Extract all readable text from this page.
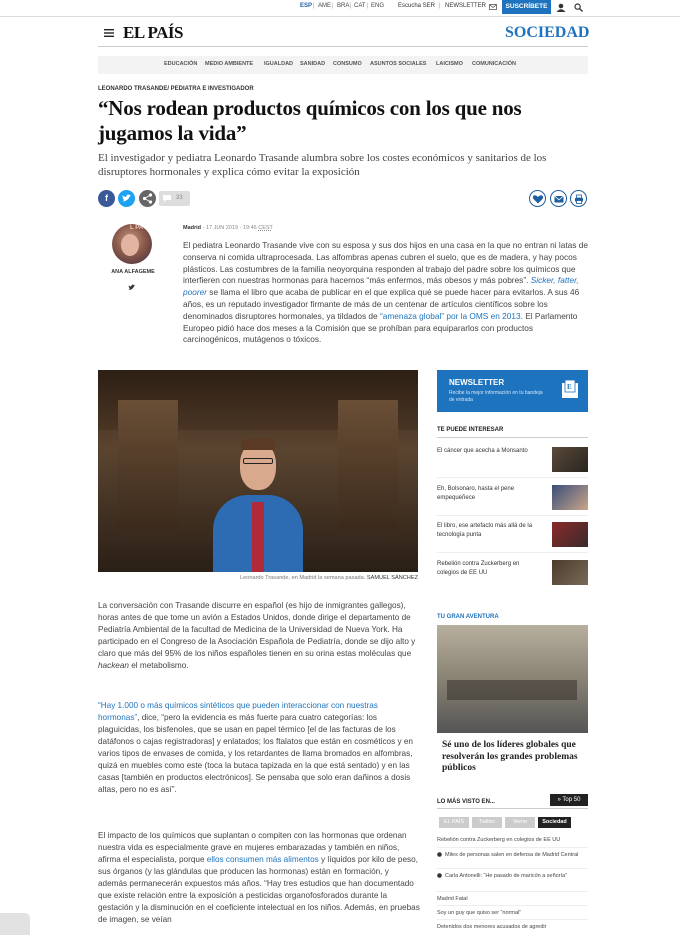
ESP | AME | BRA | CAT | ENG Escucha SER | NEWSLETTER	SUSCRÍBETE
EL PAÍS	SOCIEDAD
EDUCACIÓN MEDIO AMBIENTE IGUALDAD SANIDAD CONSUMO ASUNTOS SOCIALES LAICISMO COMUNICACIÓN
LEONARDO TRASANDE/ PEDIATRA E INVESTIGADOR
“Nos rodean productos químicos con los que nos jugamos la vida”

El investigador y pediatra Leonardo Trasande alumbra sobre los costes económicos y sanitarios de los disruptores hormonales y explica cómo evitar la exposición

f	33
L PA
ANA ALFAGEME
Madrid - 17 JUN 2019 - 19:46 CEST

El pediatra Leonardo Trasande vive con su esposa y sus dos hijos en una casa en la que no entran ni latas de conserva ni comida ultraprocesada. Las alfombras apenas cubren el suelo, que es de madera, y hay pocos plásticos. Las costumbres de la familia neoyorquina responden al trabajo del padre sobre los químicos que interfieren con nuestras hormonas para hacernos “más enfermos, más obesos y más pobres”. Sicker, fatter, poorer se llama el libro que acaba de publicar en el que explica qué se puede hacer para evitarlos. A sus 46 años, es un reputado investigador firmante de más de un centenar de artículos científicos sobre los denominados disruptores hormonales, ya tildados de “amenaza global” por la OMS en 2013. El Parlamento Europeo pidió hace dos meses a la Comisión que se prohíban para equipararlos con productos carcinogénicos, mutágenos o tóxicos.

Leonardo Trasande, en Madrid la semana pasada. SAMUEL SÁNCHEZ

La conversación con Trasande discurre en español (es hijo de inmigrantes gallegos), horas antes de que tome un avión a Estados Unidos, donde dirige el departamento de Pediatría Ambiental de la facultad de Medicina de la Universidad de Nueva York. Ha participado en el Congreso de la Asociación Española de Pediatría, donde se dijo alto y claro que más del 95% de los niños españoles tienen en su orina estas moléculas que hackean el metabolismo.

“Hay 1.000 o más químicos sintéticos que pueden interaccionar con nuestras hormonas”, dice, “pero la evidencia es más fuerte para cuatro categorías: los plaguicidas, los bisfenoles, que se usan en papel térmico [el de las facturas de los datáfonos o cajas registradoras] y enlatados; los ftalatos que están en cosméticos y en varios tipos de envases de comida, y los retardantes de llama bromados en alfombras, quizá en muebles como este (toca la butaca tapizada en la que está sentado) y en las casas [también en productos electrónicos]. Se pensaba que solo eran dañinos a dosis altas, pero no es así”.

El impacto de los químicos que suplantan o compiten con las hormonas que ordenan nuestra vida es especialmente grave en mujeres embarazadas y también en niños, afirma el especialista, porque ellos consumen más alimentos y líquidos por kilo de peso, sus órganos (y las glándulas que producen las hormonas) están en formación, y además permanecerán expuestos más años. “Hay tres estudios que han documentado que existe relación entre la exposición a pesticidas organofosforados durante la gestación y la disminución en el coeficiente intelectual en los niños. Además, en pruebas de imagen, se veían

NEWSLETTER
Recibe la mejor información en tu bandeja de entrada
E
TE PUEDE INTERESAR
El cáncer que acecha a Monsanto
Eh, Bolsonaro, hasta el pene empequeñece
El libro, ese artefacto más allá de la tecnología punta
Rebelión contra Zuckerberg en colegios de EE UU
TU GRAN AVENTURA
Sé uno de los líderes globales que resolverán los grandes problemas públicos
LO MÁS VISTO EN...	» Top 50
EL PAÍS	Twitter	Verne	Sociedad
Rebelión contra Zuckerberg en colegios de EE UU
Miles de personas salen en defensa de Madrid Central
Carla Antonelli: “He pasado de maricón a señoría”
Madrid Fatal
Soy un guy que quiso ser “normal”
Detenidos dos menores acusados de agredir
